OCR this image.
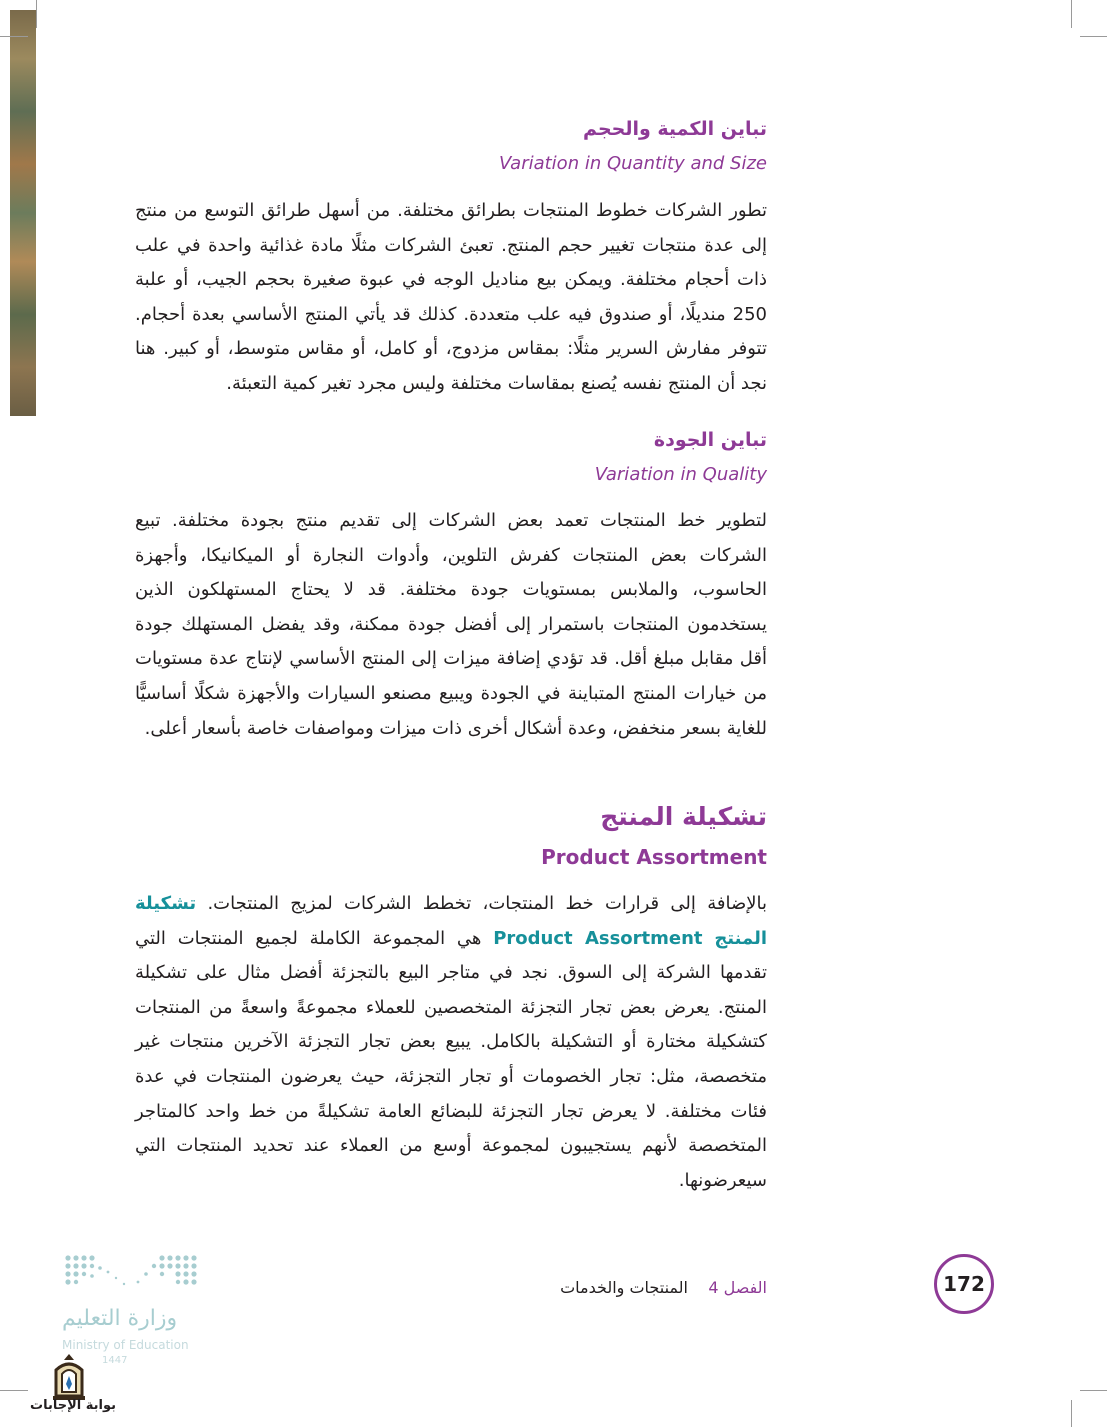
تباين الكمية والحجم
Variation in Quantity and Size
تطور الشركات خطوط المنتجات بطرائق مختلفة. من أسهل طرائق التوسع من منتج إلى عدة منتجات تغيير حجم المنتج. تعبئ الشركات مثلًا مادة غذائية واحدة في علب ذات أحجام مختلفة. ويمكن بيع مناديل الوجه في عبوة صغيرة بحجم الجيب، أو علبة 250 منديلًا، أو صندوق فيه علب متعددة. كذلك قد يأتي المنتج الأساسي بعدة أحجام. تتوفر مفارش السرير مثلًا: بمقاس مزدوج، أو كامل، أو مقاس متوسط، أو كبير. هنا نجد أن المنتج نفسه يُصنع بمقاسات مختلفة وليس مجرد تغير كمية التعبئة.
تباين الجودة
Variation in Quality
لتطوير خط المنتجات تعمد بعض الشركات إلى تقديم منتج بجودة مختلفة. تبيع الشركات بعض المنتجات كفرش التلوين، وأدوات النجارة أو الميكانيكا، وأجهزة الحاسوب، والملابس بمستويات جودة مختلفة. قد لا يحتاج المستهلكون الذين يستخدمون المنتجات باستمرار إلى أفضل جودة ممكنة، وقد يفضل المستهلك جودة أقل مقابل مبلغ أقل. قد تؤدي إضافة ميزات إلى المنتج الأساسي لإنتاج عدة مستويات من خيارات المنتج المتباينة في الجودة ويبيع مصنعو السيارات والأجهزة شكلًا أساسيًّا للغاية بسعر منخفض، وعدة أشكال أخرى ذات ميزات ومواصفات خاصة بأسعار أعلى.
تشكيلة المنتج
Product Assortment
بالإضافة إلى قرارات خط المنتجات، تخطط الشركات لمزيج المنتجات. تشكيلة المنتج Product Assortment هي المجموعة الكاملة لجميع المنتجات التي تقدمها الشركة إلى السوق. نجد في متاجر البيع بالتجزئة أفضل مثال على تشكيلة المنتج. يعرض بعض تجار التجزئة المتخصصين للعملاء مجموعةً واسعةً من المنتجات كتشكيلة مختارة أو التشكيلة بالكامل. يبيع بعض تجار التجزئة الآخرين منتجات غير متخصصة، مثل: تجار الخصومات أو تجار التجزئة، حيث يعرضون المنتجات في عدة فئات مختلفة. لا يعرض تجار التجزئة للبضائع العامة تشكيلةً من خط واحد كالمتاجر المتخصصة لأنهم يستجيبون لمجموعة أوسع من العملاء عند تحديد المنتجات التي سيعرضونها.
الفصل 4    المنتجات والخدمات	172
وزارة التعليم
Ministry of Education
1447
بوابة الإجابات
